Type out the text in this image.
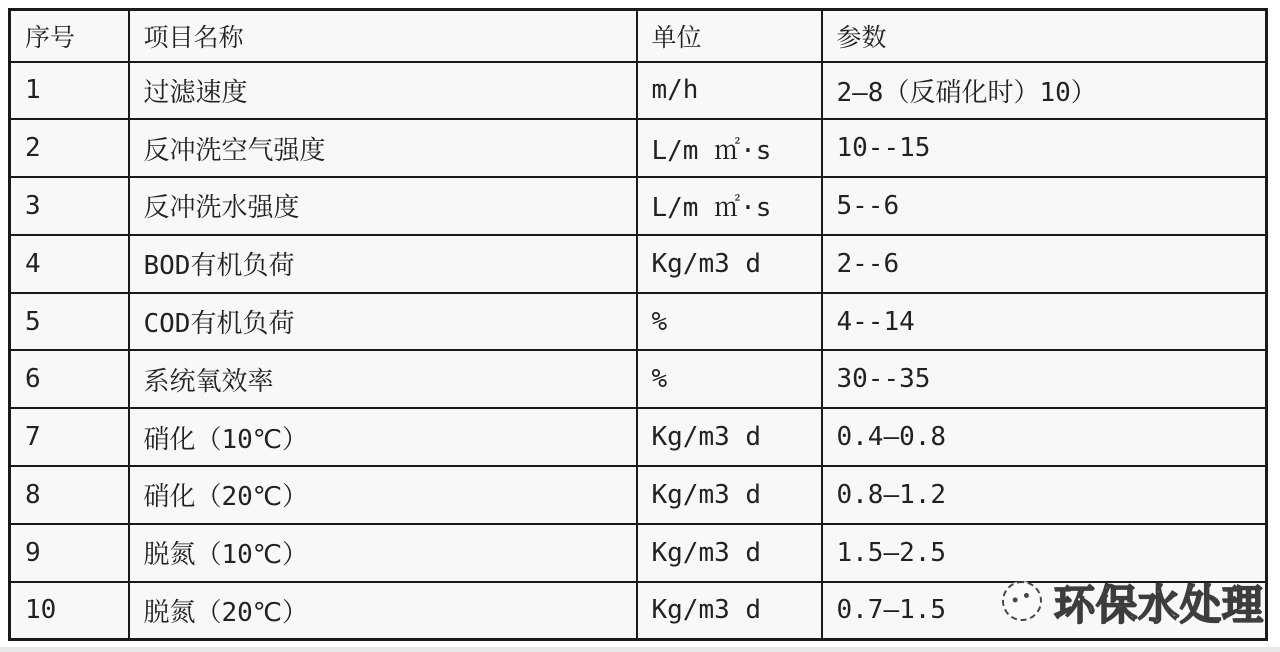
序号	项目名称	单位	参数
1	过滤速度	m/h	2—8（反硝化时）10）
2	反冲洗空气强度	L/m ㎡·s	10--15
3	反冲洗水强度	L/m ㎡·s	5--6
4	BOD有机负荷	Kg/m3 d	2--6
5	COD有机负荷	%	4--14
6	系统氧效率	%	30--35
7	硝化（10℃）	Kg/m3 d	0.4—0.8
8	硝化（20℃）	Kg/m3 d	0.8—1.2
9	脱氮（10℃）	Kg/m3 d	1.5—2.5
10	脱氮（20℃）	Kg/m3 d	0.7—1.5	环保水处理
